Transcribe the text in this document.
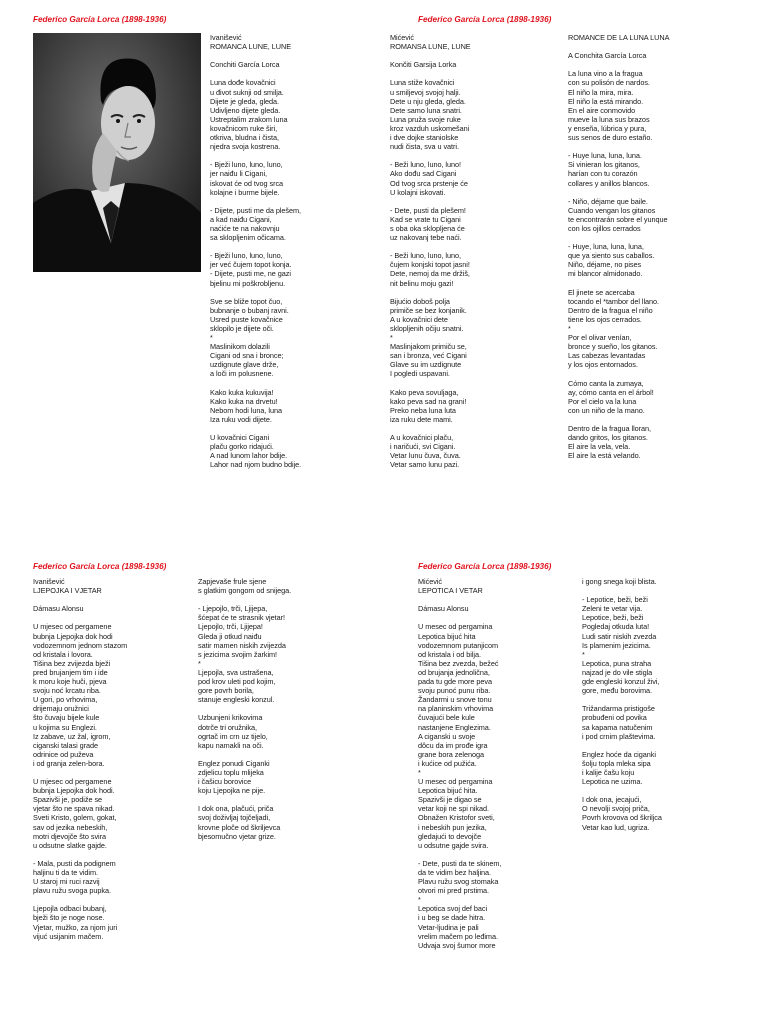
Federico García Lorca (1898-1936)	Federico García Lorca (1898-1936)
Federico García Lorca (1898-1936)	Federico García Lorca (1898-1936)
Ivanišević
ROMANCA LUNE, LUNE
Conchiti García Lorca
Luna dođe kovačnici
u đivot suknji od smilja.
Dijete je gleda, gleda.
Udivljeno dijete gleda.
Ustreptalim zrakom luna
kovačnicom ruke širi,
otkriva, bludna i čista,
njedra svoja kostrena.
- Bježi luno, luno, luno,
jer naiđu li Cigani,
iskovat će od tvog srca
kolajne i burme bijele.
- Dijete, pusti me da plešem,
a kad naiđu Cigani,
naćiće te na nakovnju
sa sklopljenim očicama.
- Bježi luno, luno, luno,
jer već čujem topot konja.
- Dijete, pusti me, ne gazi
bjelinu mi poškrobljenu.
Sve se bliže topot čuo,
bubnanje o bubanj ravni.
Usred puste kovačnice
sklopilo je dijete oči.
*
Maslinikom dolazili
Cigani od sna i bronce;
uzdignute glave drže,
a loči im polusnene.
Kako kuka kukuvija!
Kako kuka na drvetu!
Nebom hodi luna, luna
Iza ruku vodi dijete.
U kovačnici Cigani
plaču gorko ridajući.
A nad lunom lahor bdije.
Lahor nad njom budno bdije.
Mićević
ROMANSA LUNE, LUNE
Končiti Garsija Lorka
Luna stiže kovačnici
u smiljevoj svojoj halji.
Dete u nju gleda, gleda.
Dete samo luna snatri.
Luna pruža svoje ruke
kroz vazduh uskomešani
i dve dojke staniolske
nudi čista, sva u vatri.
- Beži luno, luno, luno!
Ako dođu sad Cigani
Od tvog srca prstenje će
U kolajni iskovati.
- Dete, pusti da plešem!
Kad se vrate tu Cigani
s oba oka sklopljena će
uz nakovanj tebe naći.
- Beži luno, luno, luno,
čujem konjski topot jasni!
Dete, nemoj da me držiš,
nit belinu moju gazi!
Bijućio doboš polja
primiče se bez konjanik.
A u kovačnici dete
sklopljenih očiju snatni.
*
Maslinjakom primiču se,
san i bronza, već Cigani
Glave su im uzdignute
I pogledi uspavani.
Kako peva sovuljaga,
kako peva sad na grani!
Preko neba luna luta
iza ruku dete mami.
A u kovačnici plaču,
i naričući, svi Cigani.
Vetar lunu čuva, čuva.
Vetar samo lunu pazi.
ROMANCE DE LA LUNA LUNA
A Conchita García Lorca
La luna vino a la fragua
con su polisón de nardos.
El niño la mira, mira.
El niño la está mirando.
En el aire conmovido
mueve la luna sus brazos
y enseña, lúbrica y pura,
sus senos de duro estaño.
- Huye luna, luna, luna.
Si vinieran los gitanos,
harían con tu corazón
collares y anillos blancos.
- Niño, déjame que baile.
Cuando vengan los gitanos
te encontrarán sobre el yunque
con los ojillos cerrados
- Huye, luna, luna, luna,
que ya siento sus caballos.
Niño, déjame, no pises
mi blancor almidonado.
El jinete se acercaba
tocando el *tambor del llano.
Dentro de la fragua el niño
tiene los ojos cerrados.
*
Por el olivar venían,
bronce y sueño, los gitanos.
Las cabezas levantadas
y los ojos entornados.
Cómo canta la zumaya,
ay, cómo canta en el árbol!
Por el cielo va la luna
con un niño de la mano.
Dentro de la fragua lloran,
dando gritos, los gitanos.
El aire la vela, vela.
El aire la está velando.
Ivanišević
LJEPOJKA I VJETAR
Dámasu Alonsu
U mjesec od pergamene
bubnja Ljepojka dok hodi
vodozemnom jednom stazom
od kristala i lovora.
Tišina bez zvijezda bježi
pred brujanjem tim i ide
k moru koje huči, pjeva
svoju noć krcatu riba.
U gori, po vrhovima,
drijemaju oružnici
što čuvaju bijele kule
u kojima su Englezi.
Iz zabave, uz žal, igrom,
ciganski talasi grade
odrinice od puževa
i od granja zelen-bora.
U mjesec od pergamene
bubnja Ljepojka dok hodi.
Spazivši je, podiže se
vjetar što ne spava nikad.
Sveti Kristo, golem, gokat,
sav od jezika nebeskih,
motri djevojče što svira
u odsutne slatke gajde.
- Mala, pusti da podignem
haljinu ti da te vidim.
U staroj mi ruci razvij
plavu ružu svoga pupka.
Ljepojla odbaci bubanj,
bježi što je noge nose.
Vjetar, mužko, za njom juri
vijuć usijanim mačem.
Zapjevaše frule sjene
s glatkim gongom od snijega.
- Ljepojlo, trči, Ljijepa,
šćepat će te strasnik vjetar!
Ljepojlo, trči, Ljijepa!
Gleda ji otkud naiđu
satir mamen niskih zvijezda
s jezicima svojim žarkim!
*
Ljepojla, sva ustrašena,
pod krov uleti pod kojim,
gore povrh borila,
stanuje engleski konzul.
Uzbunjeni krikovima
dotrče tri oružnika,
ogrtač im crn uz tijelo,
kapu namakli na oči.
Englez ponudi Ciganki
zdjelicu toplu mlijeka
i čašicu borovice
koju Ljepojka ne pije.
I dok ona, plačući, priča
svoj doživljaj tojčeljadi,
krovne ploče od škriljevca
bjesomučno vjetar grize.
Mićević
LEPOTICA I VETAR
Dámasu Alonsu
U mesec od pergamina
Lepotica bijuć hita
vodozemnom putanjicom
od kristala i od bilja.
Tišina bez zvezda, bežeć
od brujanja jednolična,
pada tu gde more peva
svoju punoć punu riba.
Žandarmi u snove tonu
na planinskim vrhovima
čuvajući bele kule
nastanjene Englezima.
A ciganski u svoje
dôcu da im prođe igra
grane bora zelenoga
i kućice od pužića.
*
U mesec od pergamina
Lepotica bijuć hita.
Spazivši je digao se
vetar koji ne spi nikad.
Obnažen Kristofor sveti,
i nebeskih pun jezika,
gledajući to devojče
u odsutne gajde svira.
- Dete, pusti da te skinem,
da te vidim bez haljina.
Plavu ružu svog stomaka
otvori mi pred prstima.
*
Lepotica svoj def baci
i u beg se dade hitra.
Vetar-ljudina je pali
vrelim mačem po leđima.
Udvaja svoj šumor more
i gong snega koji blista.
- Lepotice, beži, beži
Zeleni te vetar vija.
Lepotice, beži, beži
Pogledaj otkuda luta!
Ludi satir niskih zvezda
Is plamenim jezicima.
*
Lepotica, puna straha
najzad je do vile stigla
gde engleski konzul živi,
gore, među borovima.
Trižandarma pristigoše
probuđeni od povika
sa kapama natučenim
i pod crnim plaštevima.
Englez hoće da ciganki
šolju topla mleka sipa
i kalije čašu koju
Lepotica ne uzima.
I dok ona, jecajući,
O nevolji svojoj priča,
Povrh krovova od škriljca
Vetar kao lud, ugriza.
